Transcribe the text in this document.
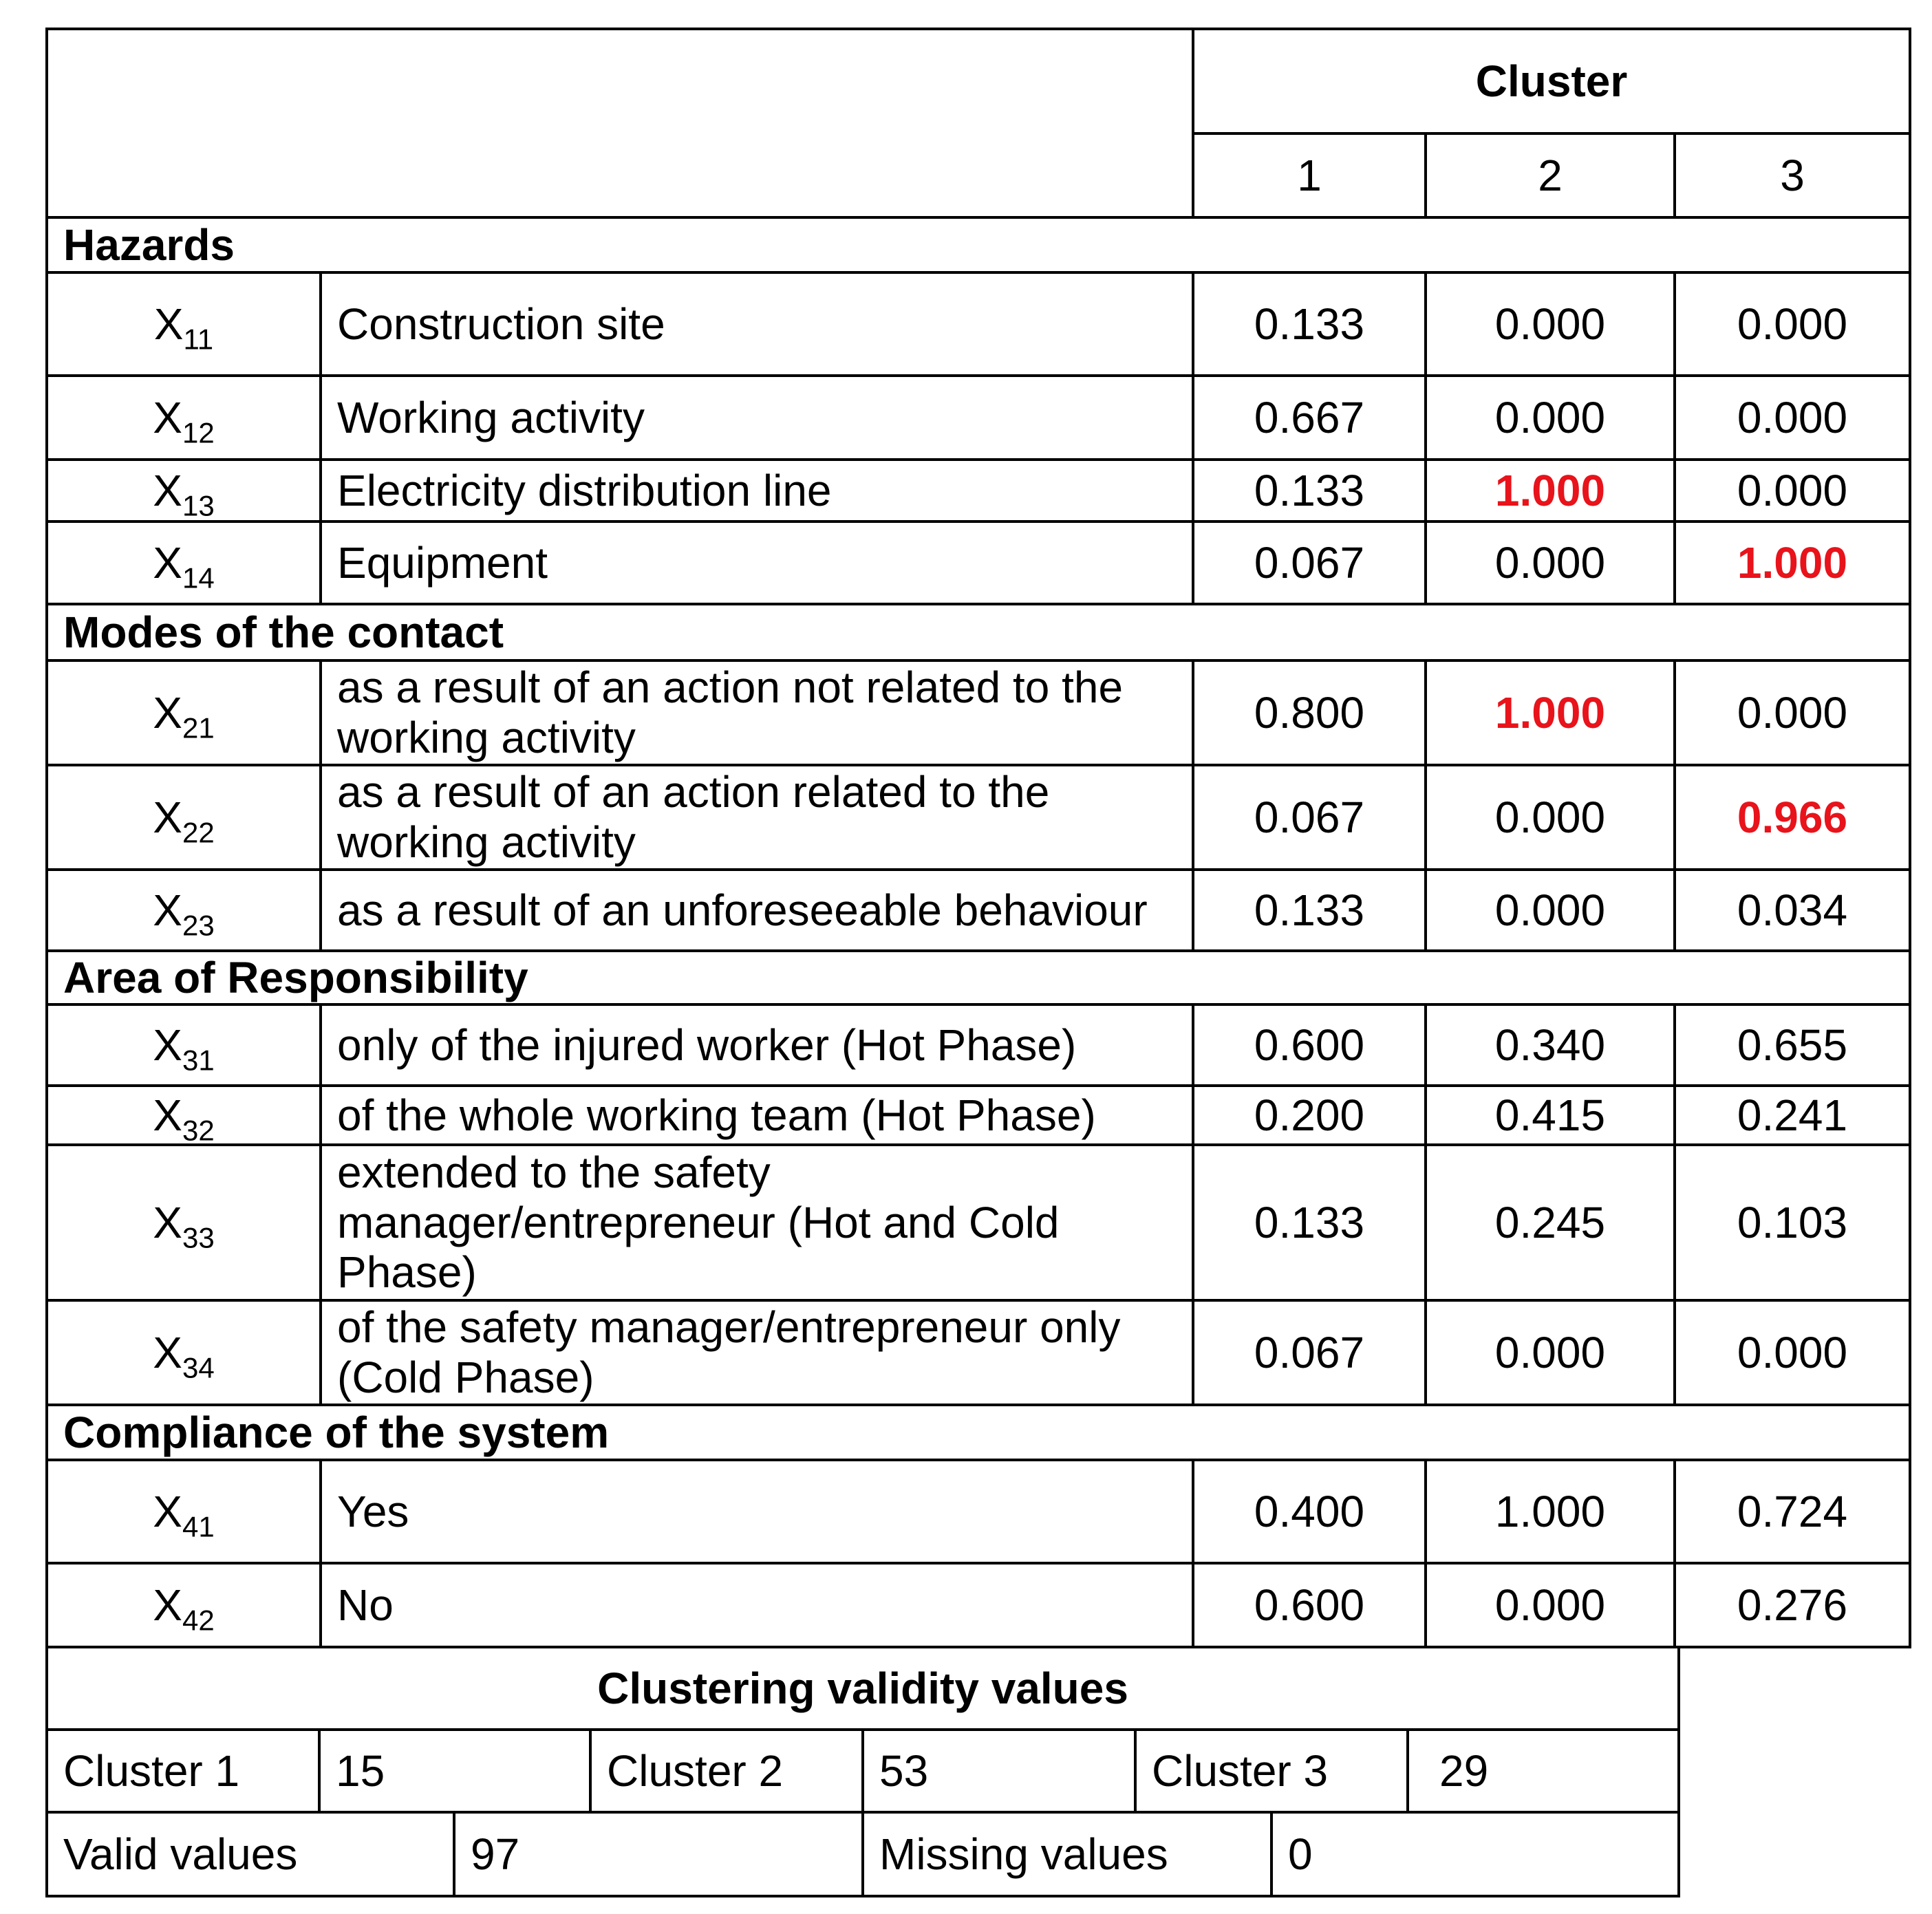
		Cluster		
		1	2	3
Hazards				
$X_{11}$	Construction site	0.133	0.000	0.000
$X_{12}$	Working activity	0.667	0.000	0.000
$X_{13}$	Electricity distribution line	0.133	1.000	0.000
$X_{14}$	Equipment	0.067	0.000	1.000
Modes of the contact				
$X_{21}$	as a result of an action not related to the working activity	0.800	1.000	0.000
$X_{22}$	as a result of an action related to the working activity	0.067	0.000	0.966
$X_{23}$	as a result of an unforeseeable behaviour	0.133	0.000	0.034
Area of Responsibility				
$X_{31}$	only of the injured worker (Hot Phase)	0.600	0.340	0.655
$X_{32}$	of the whole working team (Hot Phase)	0.200	0.415	0.241
$X_{33}$	extended to the safety manager/entrepreneur (Hot and Cold Phase)	0.133	0.245	0.103
$X_{34}$	of the safety manager/entrepreneur only (Cold Phase)	0.067	0.000	0.000
Compliance of the system				
$X_{41}$	Yes	0.400	1.000	0.724
$X_{42}$	No	0.600	0.000	0.276
Clustering validity values							
Cluster 1	15		Cluster 2	53	Cluster 3		29
Valid values		97		Missing values		0	
